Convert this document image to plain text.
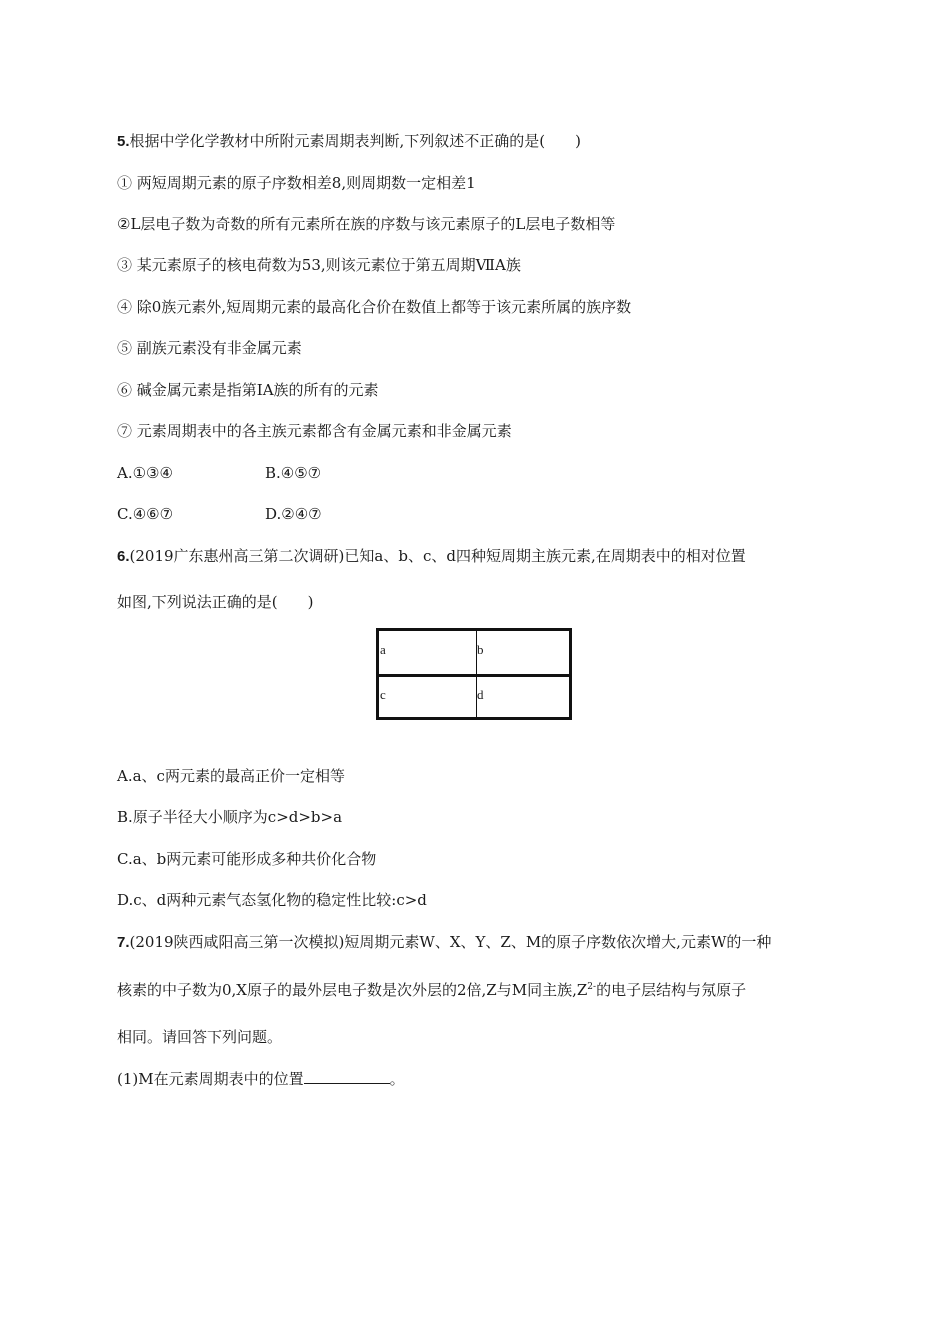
5.根据中学化学教材中所附元素周期表判断,下列叙述不正确的是(　　)
① 两短周期元素的原子序数相差8,则周期数一定相差1
②L层电子数为奇数的所有元素所在族的序数与该元素原子的L层电子数相等
③ 某元素原子的核电荷数为53,则该元素位于第五周期ⅦA族
④ 除0族元素外,短周期元素的最高化合价在数值上都等于该元素所属的族序数
⑤ 副族元素没有非金属元素
⑥ 碱金属元素是指第ⅠA族的所有的元素
⑦ 元素周期表中的各主族元素都含有金属元素和非金属元素
A.①③④	B.④⑤⑦
C.④⑥⑦	D.②④⑦
6.(2019广东惠州高三第二次调研)已知a、b、c、d四种短周期主族元素,在周期表中的相对位置
如图,下列说法正确的是(　　)
a	b
c	d
A.a、c两元素的最高正价一定相等
B.原子半径大小顺序为c>d>b>a
C.a、b两元素可能形成多种共价化合物
D.c、d两种元素气态氢化物的稳定性比较:c>d
7.(2019陕西咸阳高三第一次模拟)短周期元素W、X、Y、Z、M的原子序数依次增大,元素W的一种
核素的中子数为0,X原子的最外层电子数是次外层的2倍,Z与M同主族$,Z^{2-}$的电子层结构与氖原子
相同。请回答下列问题。
(1)M在元素周期表中的位置	。
